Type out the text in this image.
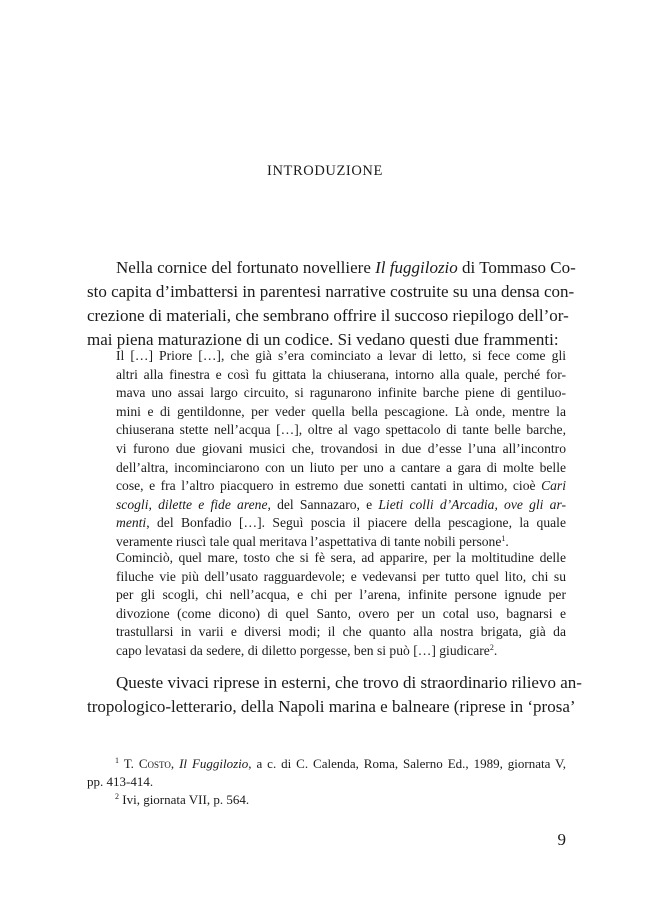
INTRODUZIONE
Nella cornice del fortunato novelliere Il fuggilozio di Tommaso Co-
sto capita d’imbattersi in parentesi narrative costruite su una densa con-
crezione di materiali, che sembrano offrire il succoso riepilogo dell’or-
mai piena maturazione di un codice. Si vedano questi due frammenti:
Il […] Priore […], che già s’era cominciato a levar di letto, si fece come gli
altri alla finestra e così fu gittata la chiuserana, intorno alla quale, perché for-
mava uno assai largo circuito, si ragunarono infinite barche piene di gentiluo-
mini e di gentildonne, per veder quella bella pescagione. Là onde, mentre la
chiuserana stette nell’acqua […], oltre al vago spettacolo di tante belle barche,
vi furono due giovani musici che, trovandosi in due d’esse l’una all’incontro
dell’altra, incominciarono con un liuto per uno a cantare a gara di molte belle
cose, e fra l’altro piacquero in estremo due sonetti cantati in ultimo, cioè Cari
scogli, dilette e fide arene, del Sannazaro, e Lieti colli d’Arcadia, ove gli ar-
menti, del Bonfadio […]. Seguì poscia il piacere della pescagione, la quale
veramente riuscì tale qual meritava l’aspettativa di tante nobili persone$^1$.
Cominciò, quel mare, tosto che si fè sera, ad apparire, per la moltitudine delle
filuche vie più dell’usato ragguardevole; e vedevansi per tutto quel lito, chi su
per gli scogli, chi nell’acqua, e chi per l’arena, infinite persone ignude per
divozione (come dicono) di quel Santo, overo per un cotal uso, bagnarsi e
trastullarsi in varii e diversi modi; il che quanto alla nostra brigata, già da
capo levatasi da sedere, di diletto porgesse, ben si può […] giudicare$^2$.
Queste vivaci riprese in esterni, che trovo di straordinario rilievo an-
tropologico-letterario, della Napoli marina e balneare (riprese in ‘prosa’
$^1$ T. Costo, Il Fuggilozio, a c. di C. Calenda, Roma, Salerno Ed., 1989, giornata V,
pp. 413-414.
$^2$ Ivi, giornata VII, p. 564.
9
